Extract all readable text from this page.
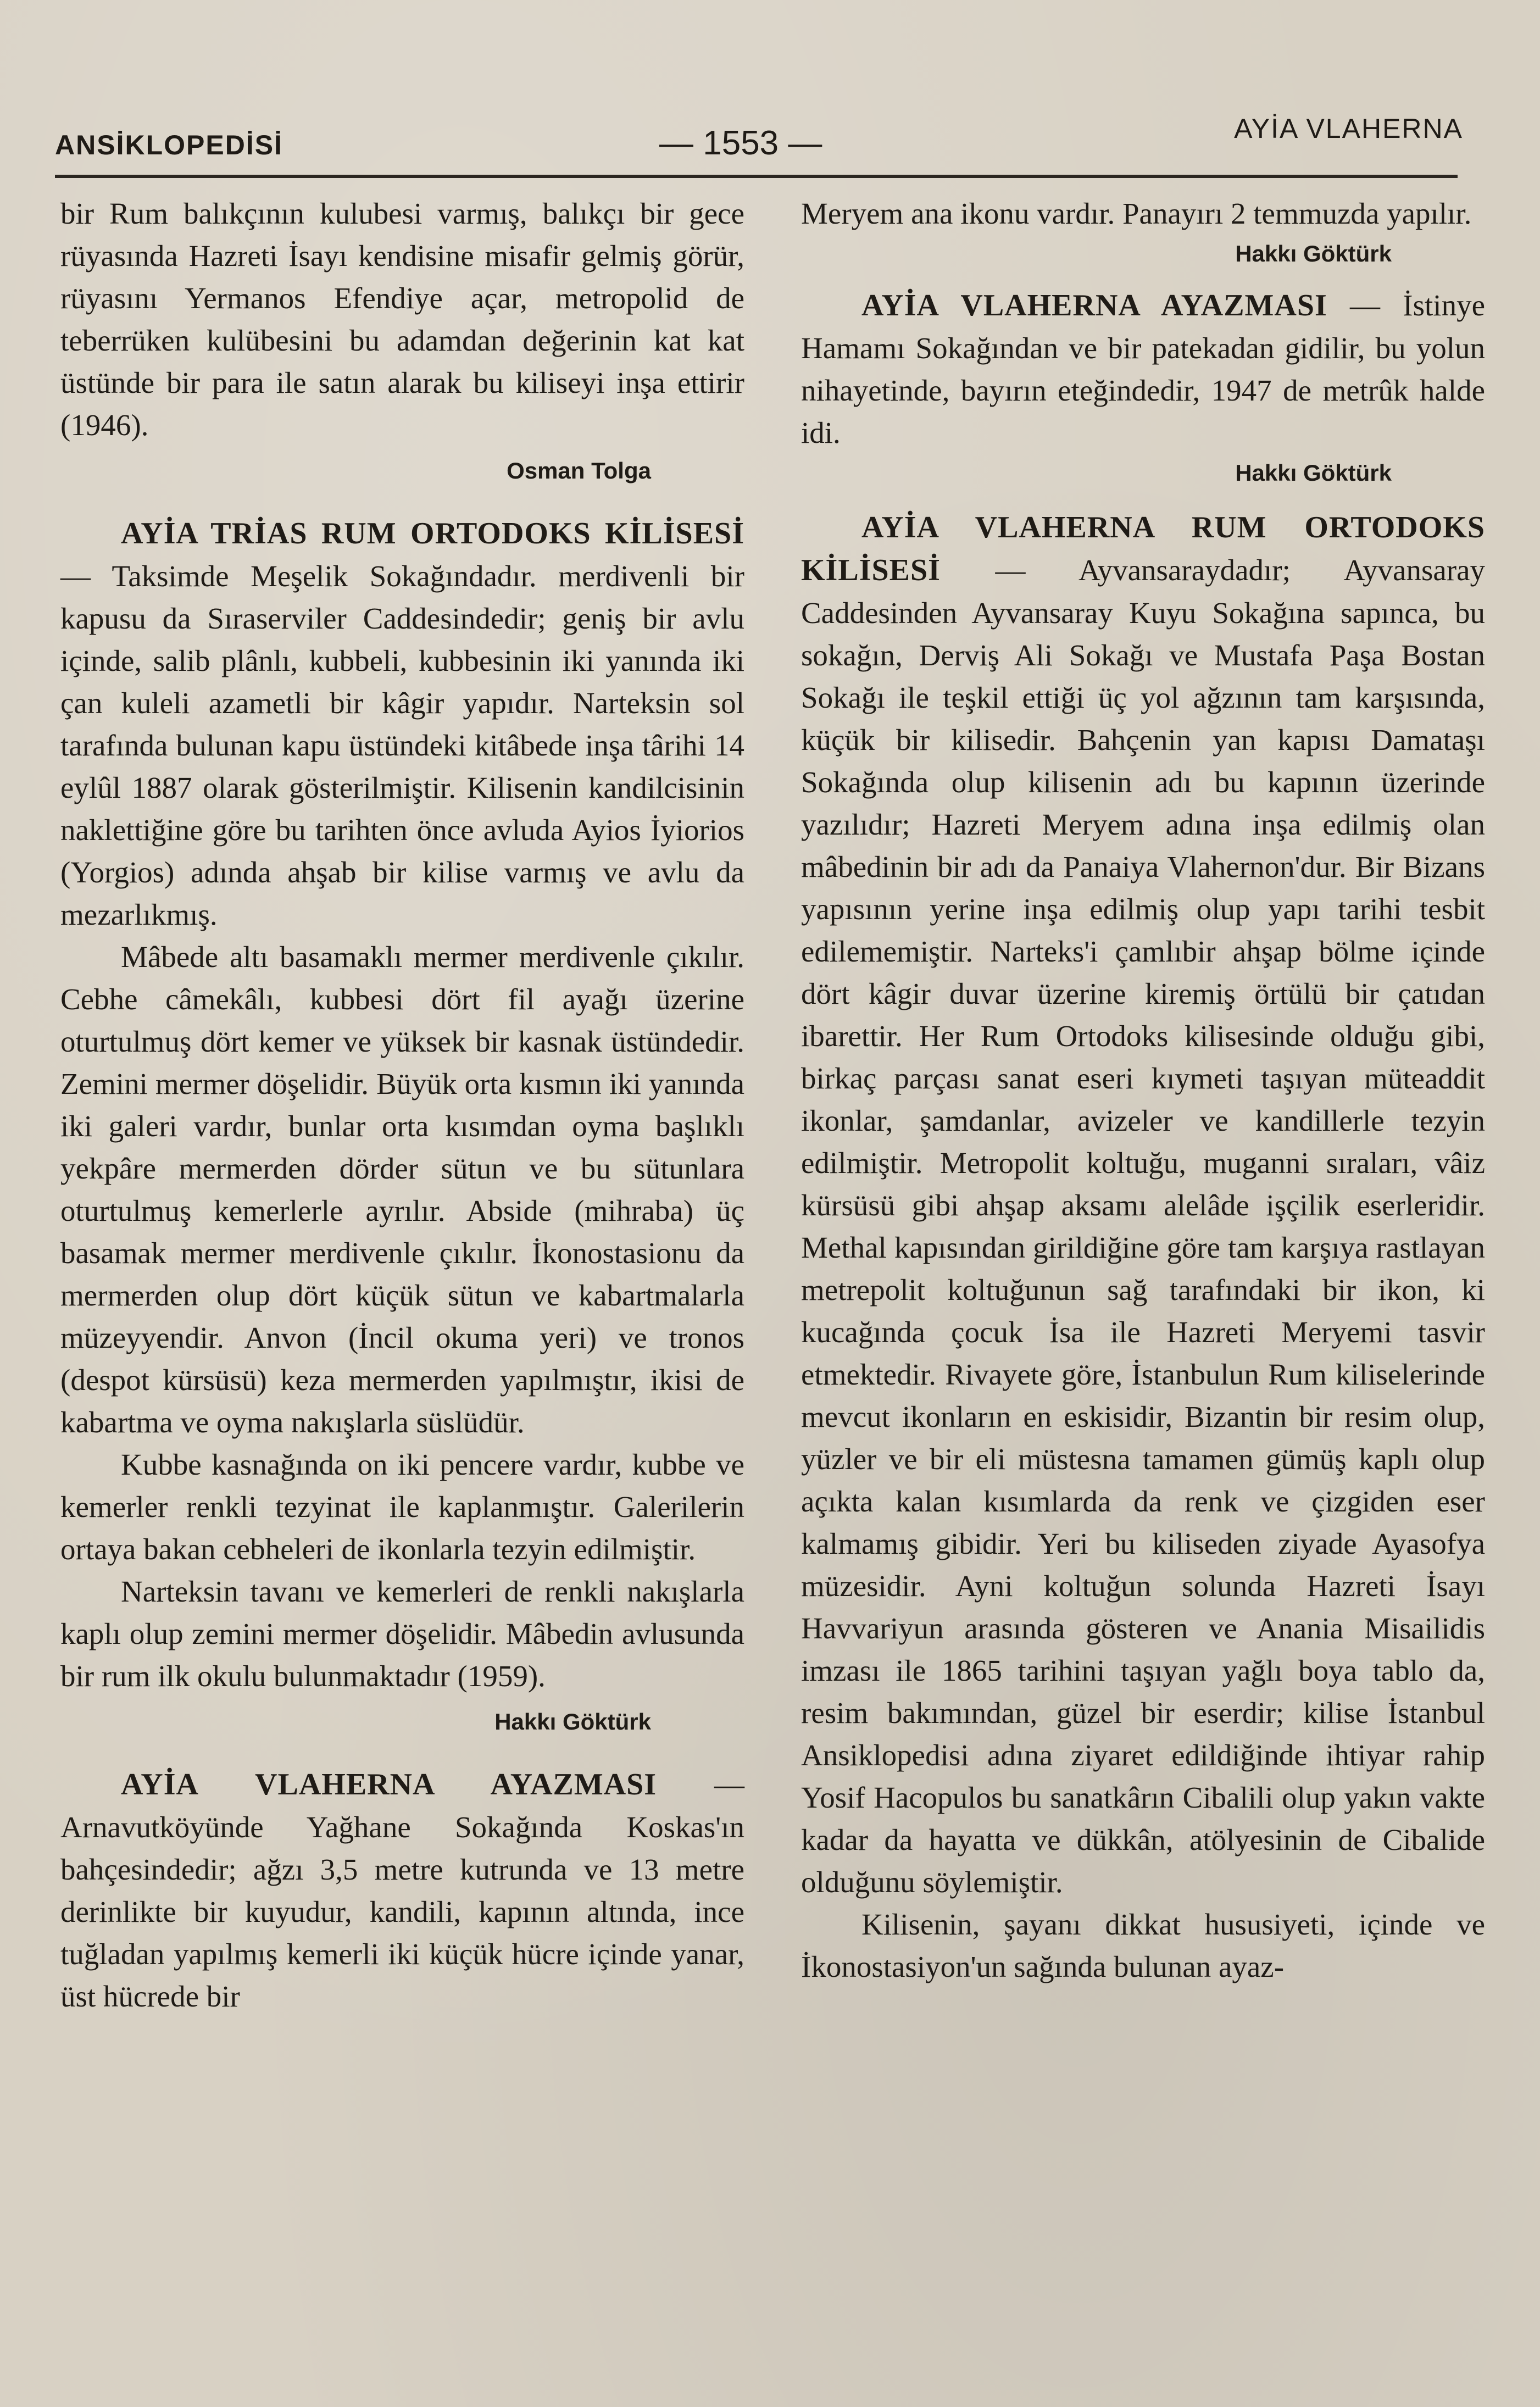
ANSİKLOPEDİSİ	— 1553 —	AYİA VLAHERNA

bir Rum balıkçının kulubesi varmış, balıkçı bir gece rüyasında Hazreti İsayı kendisine misafir gelmiş görür, rüyasını Yermanos Efendiye açar, metropolid de teberrüken kulübesini bu adamdan değerinin kat kat üstünde bir para ile satın alarak bu kiliseyi inşa ettirir (1946).

Osman Tolga

AYİA TRİAS RUM ORTODOKS KİLİSESİ — Taksimde Meşelik Sokağındadır. merdivenli bir kapusu da Sıraserviler Caddesindedir; geniş bir avlu içinde, salib plânlı, kubbeli, kubbesinin iki yanında iki çan kuleli azametli bir kâgir yapıdır. Narteksin sol tarafında bulunan kapu üstündeki kitâbede inşa târihi 14 eylûl 1887 olarak gösterilmiştir. Kilisenin kandilcisinin naklettiğine göre bu tarihten önce avluda Ayios İyiorios (Yorgios) adında ahşab bir kilise varmış ve avlu da mezarlıkmış.

Mâbede altı basamaklı mermer merdivenle çıkılır. Cebhe câmekâlı, kubbesi dört fil ayağı üzerine oturtulmuş dört kemer ve yüksek bir kasnak üstündedir. Zemini mermer döşelidir. Büyük orta kısmın iki yanında iki galeri vardır, bunlar orta kısımdan oyma başlıklı yekpâre mermerden dörder sütun ve bu sütunlara oturtulmuş kemerlerle ayrılır. Abside (mihraba) üç basamak mermer merdivenle çıkılır. İkonostasionu da mermerden olup dört küçük sütun ve kabartmalarla müzeyyendir. Anvon (İncil okuma yeri) ve tronos (despot kürsüsü) keza mermerden yapılmıştır, ikisi de kabartma ve oyma nakışlarla süslüdür.

Kubbe kasnağında on iki pencere vardır, kubbe ve kemerler renkli tezyinat ile kaplanmıştır. Galerilerin ortaya bakan cebheleri de ikonlarla tezyin edilmiştir.

Narteksin tavanı ve kemerleri de renkli nakışlarla kaplı olup zemini mermer döşelidir. Mâbedin avlusunda bir rum ilk okulu bulunmaktadır (1959).

Hakkı Göktürk

AYİA VLAHERNA AYAZMASI — Arnavutköyünde Yağhane Sokağında Koskas'ın bahçesindedir; ağzı 3,5 metre kutrunda ve 13 metre derinlikte bir kuyudur, kandili, kapının altında, ince tuğladan yapılmış kemerli iki küçük hücre içinde yanar, üst hücrede bir

Meryem ana ikonu vardır. Panayırı 2 temmuzda yapılır.

Hakkı Göktürk

AYİA VLAHERNA AYAZMASI — İstinye Hamamı Sokağından ve bir patekadan gidilir, bu yolun nihayetinde, bayırın eteğindedir, 1947 de metrûk halde idi.

Hakkı Göktürk

AYİA VLAHERNA RUM ORTODOKS KİLİSESİ — Ayvansaraydadır; Ayvansaray Caddesinden Ayvansaray Kuyu Sokağına sapınca, bu sokağın, Derviş Ali Sokağı ve Mustafa Paşa Bostan Sokağı ile teşkil ettiği üç yol ağzının tam karşısında, küçük bir kilisedir. Bahçenin yan kapısı Damataşı Sokağında olup kilisenin adı bu kapının üzerinde yazılıdır; Hazreti Meryem adına inşa edilmiş olan mâbedinin bir adı da Panaiya Vlahernon'dur. Bir Bizans yapısının yerine inşa edilmiş olup yapı tarihi tesbit edilememiştir. Narteks'i çamlıbir ahşap bölme içinde dört kâgir duvar üzerine kiremiş örtülü bir çatıdan ibarettir. Her Rum Ortodoks kilisesinde olduğu gibi, birkaç parçası sanat eseri kıymeti taşıyan müteaddit ikonlar, şamdanlar, avizeler ve kandillerle tezyin edilmiştir. Metropolit koltuğu, muganni sıraları, vâiz kürsüsü gibi ahşap aksamı alelâde işçilik eserleridir. Methal kapısından girildiğine göre tam karşıya rastlayan metrepolit koltuğunun sağ tarafındaki bir ikon, ki kucağında çocuk İsa ile Hazreti Meryemi tasvir etmektedir. Rivayete göre, İstanbulun Rum kiliselerinde mevcut ikonların en eskisidir, Bizantin bir resim olup, yüzler ve bir eli müstesna tamamen gümüş kaplı olup açıkta kalan kısımlarda da renk ve çizgiden eser kalmamış gibidir. Yeri bu kiliseden ziyade Ayasofya müzesidir. Ayni koltuğun solunda Hazreti İsayı Havvariyun arasında gösteren ve Anania Misailidis imzası ile 1865 tarihini taşıyan yağlı boya tablo da, resim bakımından, güzel bir eserdir; kilise İstanbul Ansiklopedisi adına ziyaret edildiğinde ihtiyar rahip Yosif Hacopulos bu sanatkârın Cibalili olup yakın vakte kadar da hayatta ve dükkân, atölyesinin de Cibalide olduğunu söylemiştir.

Kilisenin, şayanı dikkat hususiyeti, içinde ve İkonostasiyon'un sağında bulunan ayaz-
